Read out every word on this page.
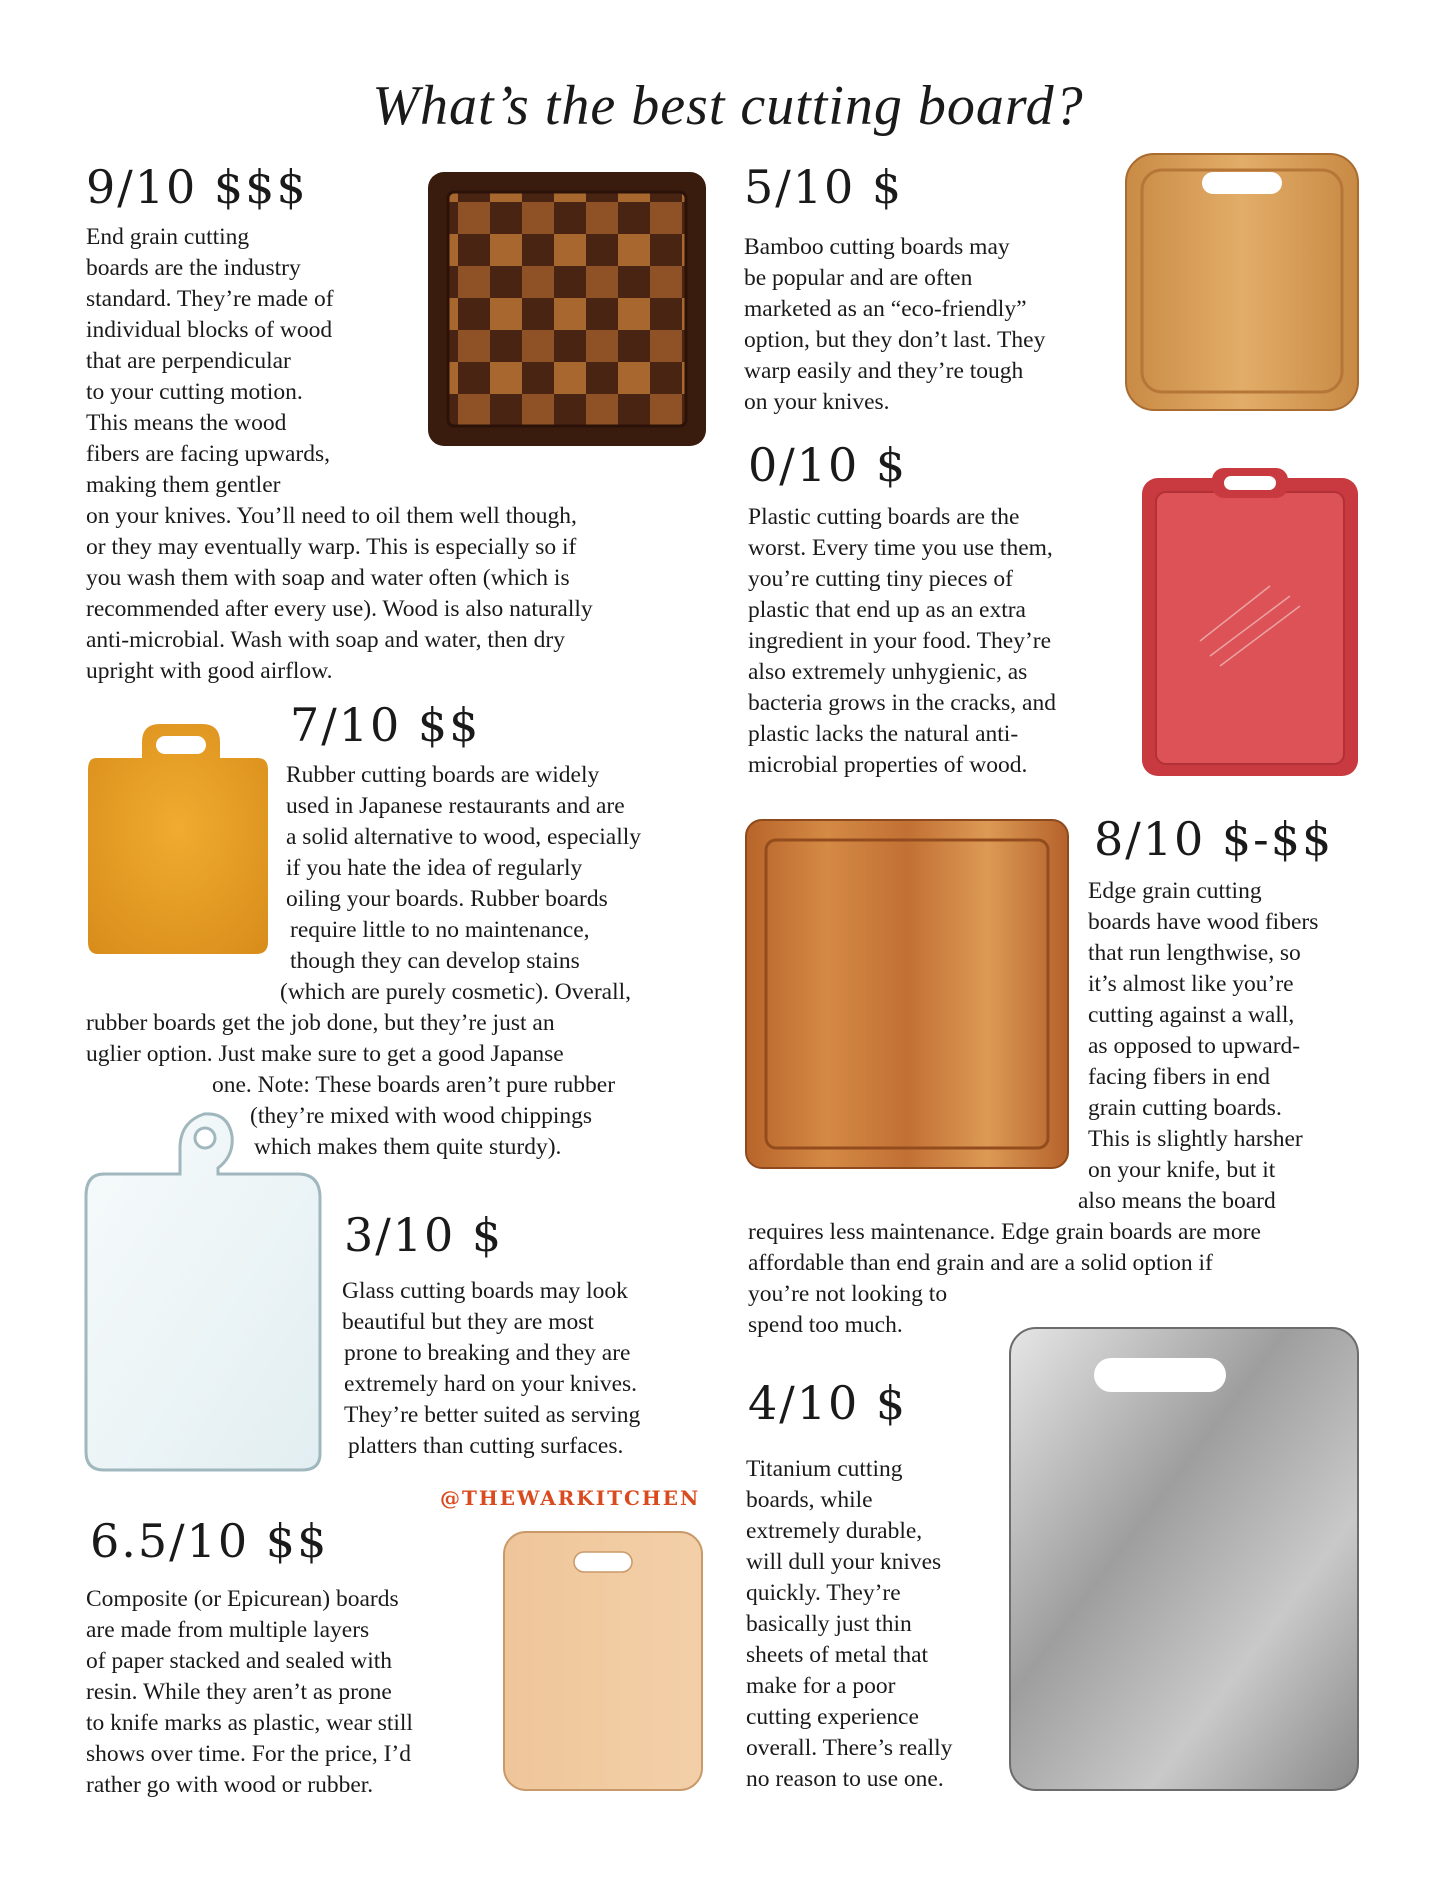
What’s the best cutting board?
9/10 $$$
End grain cutting
boards are the industry
standard. They’re made of
individual blocks of wood
that are perpendicular
to your cutting motion.
This means the wood
fibers are facing upwards,
making them gentler
on your knives. You’ll need to oil them well though,
or they may eventually warp. This is especially so if
you wash them with soap and water often (which is
recommended after every use). Wood is also naturally
anti-microbial. Wash with soap and water, then dry
upright with good airflow.
5/10 $
Bamboo cutting boards may
be popular and are often
marketed as an “eco-friendly”
option, but they don’t last. They
warp easily and they’re tough
on your knives.
0/10 $
Plastic cutting boards are the
worst. Every time you use them,
you’re cutting tiny pieces of
plastic that end up as an extra
ingredient in your food. They’re
also extremely unhygienic, as
bacteria grows in the cracks, and
plastic lacks the natural anti-
microbial properties of wood.
7/10 $$
Rubber cutting boards are widely
used in Japanese restaurants and are
a solid alternative to wood, especially
if you hate the idea of regularly
oiling your boards. Rubber boards
require little to no maintenance,
though they can develop stains
(which are purely cosmetic). Overall,
rubber boards get the job done, but they’re just an
uglier option. Just make sure to get a good Japanse
one. Note: These boards aren’t pure rubber
(they’re mixed with wood chippings
which makes them quite sturdy).
8/10 $-$$
Edge grain cutting
boards have wood fibers
that run lengthwise, so
it’s almost like you’re
cutting against a wall,
as opposed to upward-
facing fibers in end
grain cutting boards.
This is slightly harsher
on your knife, but it
also means the board
requires less maintenance. Edge grain boards are more
affordable than end grain and are a solid option if
you’re not looking to
spend too much.
3/10 $
Glass cutting boards may look
beautiful but they are most
prone to breaking and they are
extremely hard on your knives.
They’re better suited as serving
platters than cutting surfaces.
@THEWARKITCHEN
4/10 $
Titanium cutting
boards, while
extremely durable,
will dull your knives
quickly. They’re
basically just thin
sheets of metal that
make for a poor
cutting experience
overall. There’s really
no reason to use one.
6.5/10 $$
Composite (or Epicurean) boards
are made from multiple layers
of paper stacked and sealed with
resin. While they aren’t as prone
to knife marks as plastic, wear still
shows over time. For the price, I’d
rather go with wood or rubber.
